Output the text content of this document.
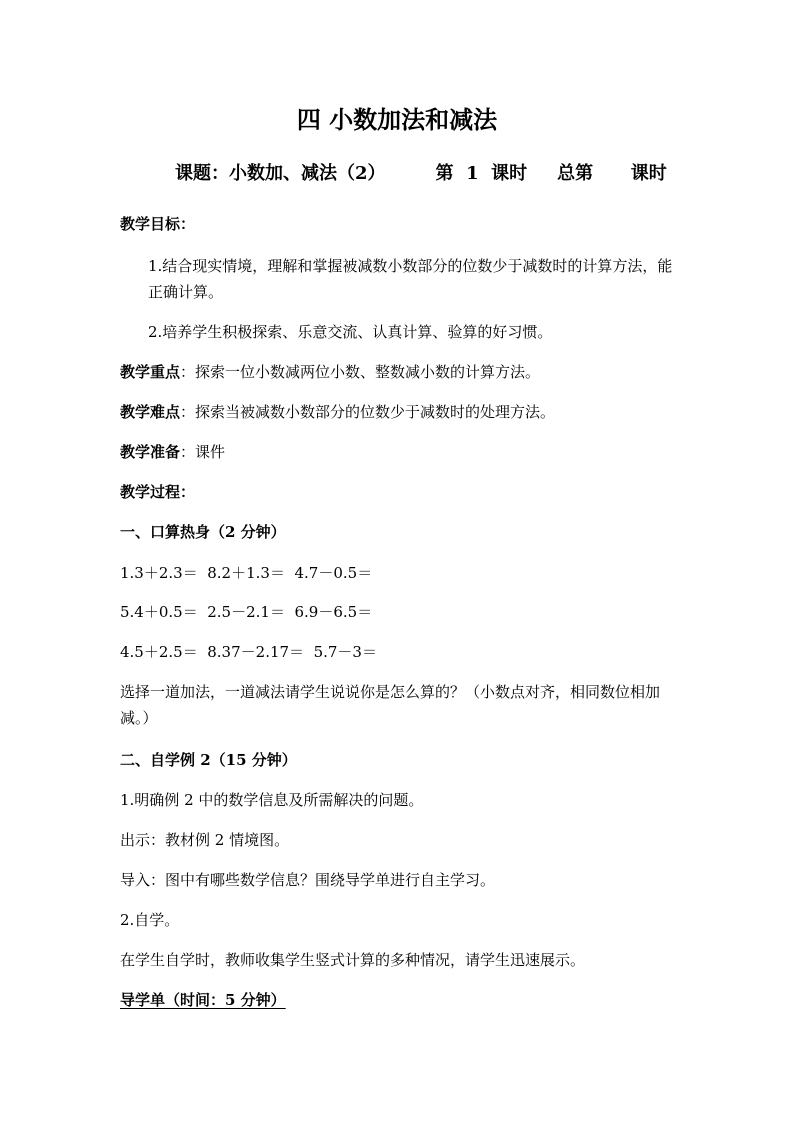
四 小数加法和减法
课题：小数加、减法（2）	第  1  课时 总第      课时
教学目标：
1.结合现实情境，理解和掌握被减数小数部分的位数少于减数时的计算方法，能正确计算。
2.培养学生积极探索、乐意交流、认真计算、验算的好习惯。
教学重点：探索一位小数减两位小数、整数减小数的计算方法。
教学难点：探索当被减数小数部分的位数少于减数时的处理方法。
教学准备：课件
教学过程：
一、口算热身（2 分钟）
1.3＋2.3＝  8.2＋1.3＝  4.7－0.5＝
5.4＋0.5＝  2.5－2.1＝  6.9－6.5＝
4.5＋2.5＝  8.37－2.17＝  5.7－3＝
选择一道加法，一道减法请学生说说你是怎么算的？（小数点对齐，相同数位相加减。）
二、自学例 2（15 分钟）
1.明确例 2 中的数学信息及所需解决的问题。
出示：教材例 2 情境图。
导入：图中有哪些数学信息？围绕导学单进行自主学习。
2.自学。
在学生自学时，教师收集学生竖式计算的多种情况，请学生迅速展示。
导学单（时间：5 分钟）
